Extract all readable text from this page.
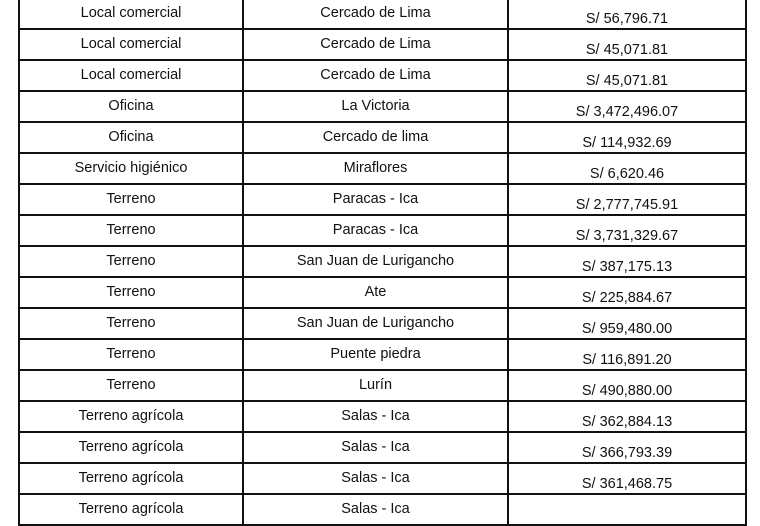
Local comercial	Cercado de Lima	S/ 56,796.71
Local comercial	Cercado de Lima	S/ 45,071.81
Local comercial	Cercado de Lima	S/ 45,071.81
Oficina	La Victoria	S/ 3,472,496.07
Oficina	Cercado de lima	S/ 114,932.69
Servicio higiénico	Miraflores	S/ 6,620.46
Terreno	Paracas - Ica	S/ 2,777,745.91
Terreno	Paracas - Ica	S/ 3,731,329.67
Terreno	San Juan de Lurigancho	S/ 387,175.13
Terreno	Ate	S/ 225,884.67
Terreno	San Juan de Lurigancho	S/ 959,480.00
Terreno	Puente piedra	S/ 116,891.20
Terreno	Lurín	S/ 490,880.00
Terreno agrícola	Salas - Ica	S/ 362,884.13
Terreno agrícola	Salas - Ica	S/ 366,793.39
Terreno agrícola	Salas - Ica	S/ 361,468.75
Terreno agrícola	Salas - Ica	
